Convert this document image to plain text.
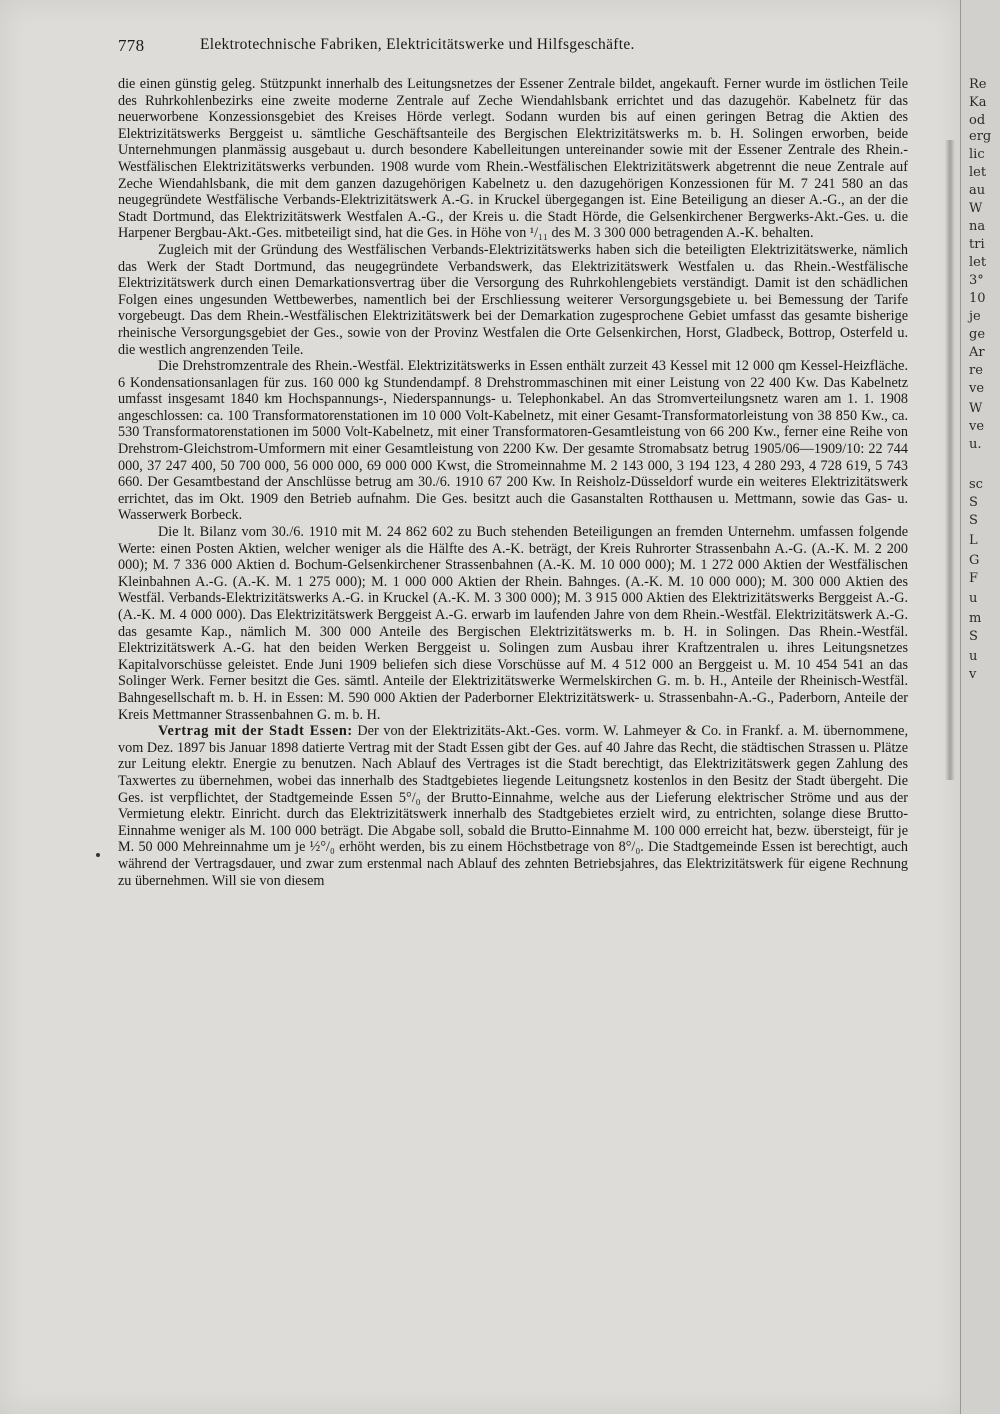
778	Elektrotechnische Fabriken, Elektricitätswerke und Hilfsgeschäfte.

die einen günstig geleg. Stützpunkt innerhalb des Leitungsnetzes der Essener Zentrale bildet, angekauft. Ferner wurde im östlichen Teile des Ruhrkohlenbezirks eine zweite moderne Zentrale auf Zeche Wiendahlsbank errichtet und das dazugehör. Kabelnetz für das neuerworbene Konzessionsgebiet des Kreises Hörde verlegt. Sodann wurden bis auf einen geringen Betrag die Aktien des Elektrizitätswerks Berggeist u. sämtliche Geschäftsanteile des Bergischen Elektrizitätswerks m. b. H. Solingen erworben, beide Unternehmungen planmässig ausgebaut u. durch besondere Kabelleitungen untereinander sowie mit der Essener Zentrale des Rhein.-Westfälischen Elektrizitätswerks verbunden. 1908 wurde vom Rhein.-Westfälischen Elektrizitätswerk abgetrennt die neue Zentrale auf Zeche Wiendahlsbank, die mit dem ganzen dazugehörigen Kabelnetz u. den dazugehörigen Konzessionen für M. 7 241 580 an das neugegründete Westfälische Verbands-Elektrizitätswerk A.-G. in Kruckel übergegangen ist. Eine Beteiligung an dieser A.-G., an der die Stadt Dortmund, das Elektrizitätswerk Westfalen A.-G., der Kreis u. die Stadt Hörde, die Gelsenkirchener Bergwerks-Akt.-Ges. u. die Harpener Bergbau-Akt.-Ges. mitbeteiligt sind, hat die Ges. in Höhe von ¹/₁₁ des M. 3 300 000 betragenden A.-K. behalten.

Zugleich mit der Gründung des Westfälischen Verbands-Elektrizitätswerks haben sich die beteiligten Elektrizitätswerke, nämlich das Werk der Stadt Dortmund, das neugegründete Verbandswerk, das Elektrizitätswerk Westfalen u. das Rhein.-Westfälische Elektrizitätswerk durch einen Demarkationsvertrag über die Versorgung des Ruhrkohlengebiets verständigt. Damit ist den schädlichen Folgen eines ungesunden Wettbewerbes, namentlich bei der Erschliessung weiterer Versorgungsgebiete u. bei Bemessung der Tarife vorgebeugt. Das dem Rhein.-Westfälischen Elektrizitätswerk bei der Demarkation zugesprochene Gebiet umfasst das gesamte bisherige rheinische Versorgungsgebiet der Ges., sowie von der Provinz Westfalen die Orte Gelsenkirchen, Horst, Gladbeck, Bottrop, Osterfeld u. die westlich angrenzenden Teile.

Die Drehstromzentrale des Rhein.-Westfäl. Elektrizitätswerks in Essen enthält zurzeit 43 Kessel mit 12 000 qm Kessel-Heizfläche. 6 Kondensationsanlagen für zus. 160 000 kg Stundendampf. 8 Drehstrommaschinen mit einer Leistung von 22 400 Kw. Das Kabelnetz umfasst insgesamt 1840 km Hochspannungs-, Niederspannungs- u. Telephonkabel. An das Stromverteilungsnetz waren am 1. 1. 1908 angeschlossen: ca. 100 Transformatorenstationen im 10 000 Volt-Kabelnetz, mit einer Gesamt-Transformatorleistung von 38 850 Kw., ca. 530 Transformatorenstationen im 5000 Volt-Kabelnetz, mit einer Transformatoren-Gesamtleistung von 66 200 Kw., ferner eine Reihe von Drehstrom-Gleichstrom-Umformern mit einer Gesamtleistung von 2200 Kw. Der gesamte Stromabsatz betrug 1905/06—1909/10: 22 744 000, 37 247 400, 50 700 000, 56 000 000, 69 000 000 Kwst, die Stromeinnahme M. 2 143 000, 3 194 123, 4 280 293, 4 728 619, 5 743 660. Der Gesamtbestand der Anschlüsse betrug am 30./6. 1910 67 200 Kw. In Reisholz-Düsseldorf wurde ein weiteres Elektrizitätswerk errichtet, das im Okt. 1909 den Betrieb aufnahm. Die Ges. besitzt auch die Gasanstalten Rotthausen u. Mettmann, sowie das Gas- u. Wasserwerk Borbeck.

Die lt. Bilanz vom 30./6. 1910 mit M. 24 862 602 zu Buch stehenden Beteiligungen an fremden Unternehm. umfassen folgende Werte: einen Posten Aktien, welcher weniger als die Hälfte des A.-K. beträgt, der Kreis Ruhrorter Strassenbahn A.-G. (A.-K. M. 2 200 000); M. 7 336 000 Aktien d. Bochum-Gelsenkirchener Strassenbahnen (A.-K. M. 10 000 000); M. 1 272 000 Aktien der Westfälischen Kleinbahnen A.-G. (A.-K. M. 1 275 000); M. 1 000 000 Aktien der Rhein. Bahnges. (A.-K. M. 10 000 000); M. 300 000 Aktien des Westfäl. Verbands-Elektrizitätswerks A.-G. in Kruckel (A.-K. M. 3 300 000); M. 3 915 000 Aktien des Elektrizitätswerks Berggeist A.-G. (A.-K. M. 4 000 000). Das Elektrizitätswerk Berggeist A.-G. erwarb im laufenden Jahre von dem Rhein.-Westfäl. Elektrizitätswerk A.-G. das gesamte Kap., nämlich M. 300 000 Anteile des Bergischen Elektrizitätswerks m. b. H. in Solingen. Das Rhein.-Westfäl. Elektrizitätswerk A.-G. hat den beiden Werken Berggeist u. Solingen zum Ausbau ihrer Kraftzentralen u. ihres Leitungsnetzes Kapitalvorschüsse geleistet. Ende Juni 1909 beliefen sich diese Vorschüsse auf M. 4 512 000 an Berggeist u. M. 10 454 541 an das Solinger Werk. Ferner besitzt die Ges. sämtl. Anteile der Elektrizitätswerke Wermelskirchen G. m. b. H., Anteile der Rheinisch-Westfäl. Bahngesellschaft m. b. H. in Essen: M. 590 000 Aktien der Paderborner Elektrizitätswerk- u. Strassenbahn-A.-G., Paderborn, Anteile der Kreis Mettmanner Strassenbahnen G. m. b. H.

Vertrag mit der Stadt Essen: Der von der Elektrizitäts-Akt.-Ges. vorm. W. Lahmeyer & Co. in Frankf. a. M. übernommene, vom Dez. 1897 bis Januar 1898 datierte Vertrag mit der Stadt Essen gibt der Ges. auf 40 Jahre das Recht, die städtischen Strassen u. Plätze zur Leitung elektr. Energie zu benutzen. Nach Ablauf des Vertrages ist die Stadt berechtigt, das Elektrizitätswerk gegen Zahlung des Taxwertes zu übernehmen, wobei das innerhalb des Stadtgebietes liegende Leitungsnetz kostenlos in den Besitz der Stadt übergeht. Die Ges. ist verpflichtet, der Stadtgemeinde Essen 5°/₀ der Brutto-Einnahme, welche aus der Lieferung elektrischer Ströme und aus der Vermietung elektr. Einricht. durch das Elektrizitätswerk innerhalb des Stadtgebietes erzielt wird, zu entrichten, solange diese Brutto-Einnahme weniger als M. 100 000 beträgt. Die Abgabe soll, sobald die Brutto-Einnahme M. 100 000 erreicht hat, bezw. übersteigt, für je M. 50 000 Mehreinnahme um je ½°/₀ erhöht werden, bis zu einem Höchstbetrage von 8°/₀. Die Stadtgemeinde Essen ist berechtigt, auch während der Vertragsdauer, und zwar zum erstenmal nach Ablauf des zehnten Betriebsjahres, das Elektrizitätswerk für eigene Rechnung zu übernehmen. Will sie von diesem

Re
Ka
od
erg
lic
let
au
W
na
tri
let
3°
10
je
ge
Ar
re
ve
W
ve
u.
sc
S
S
L
G
F
u
m
S
u
v
